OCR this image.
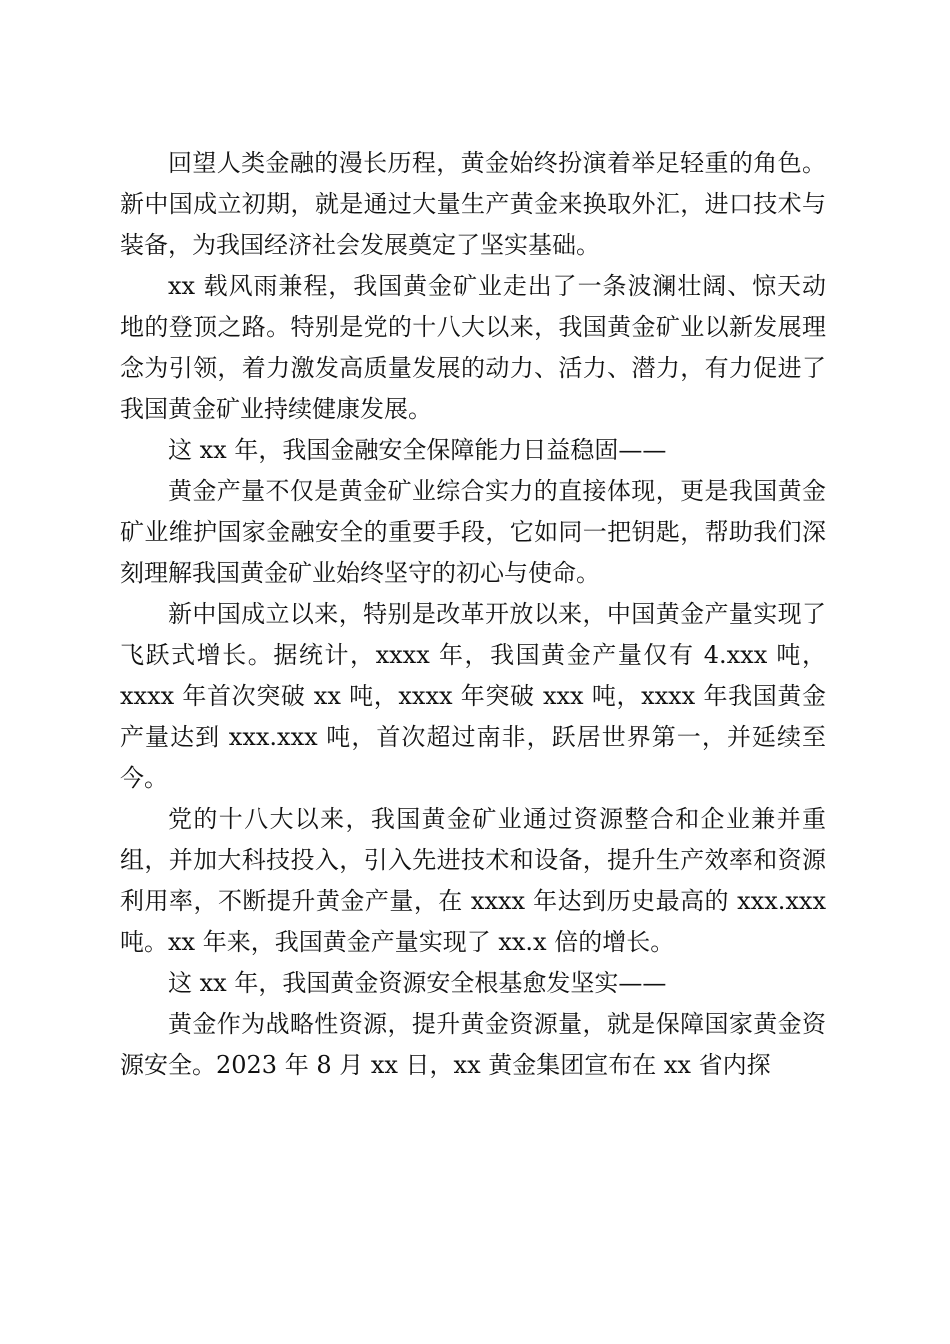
回望人类金融的漫长历程，黄金始终扮演着举足轻重的角色。新中国成立初期，就是通过大量生产黄金来换取外汇，进口技术与装备，为我国经济社会发展奠定了坚实基础。

xx 载风雨兼程，我国黄金矿业走出了一条波澜壮阔、惊天动地的登顶之路。特别是党的十八大以来，我国黄金矿业以新发展理念为引领，着力激发高质量发展的动力、活力、潜力，有力促进了我国黄金矿业持续健康发展。

这 xx 年，我国金融安全保障能力日益稳固——

黄金产量不仅是黄金矿业综合实力的直接体现，更是我国黄金矿业维护国家金融安全的重要手段，它如同一把钥匙，帮助我们深刻理解我国黄金矿业始终坚守的初心与使命。

新中国成立以来，特别是改革开放以来，中国黄金产量实现了飞跃式增长。据统计，xxxx 年，我国黄金产量仅有 4.xxx 吨，xxxx 年首次突破 xx 吨，xxxx 年突破 xxx 吨，xxxx 年我国黄金产量达到 xxx.xxx 吨，首次超过南非，跃居世界第一，并延续至今。

党的十八大以来，我国黄金矿业通过资源整合和企业兼并重组，并加大科技投入，引入先进技术和设备，提升生产效率和资源利用率，不断提升黄金产量，在 xxxx 年达到历史最高的 xxx.xxx 吨。xx 年来，我国黄金产量实现了 xx.x 倍的增长。

这 xx 年，我国黄金资源安全根基愈发坚实——

黄金作为战略性资源，提升黄金资源量，就是保障国家黄金资源安全。2023 年 8 月 xx 日，xx 黄金集团宣布在 xx 省内探
